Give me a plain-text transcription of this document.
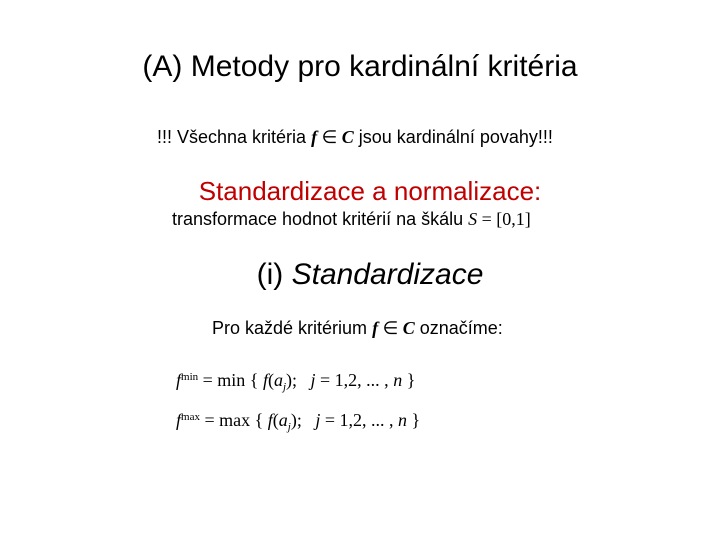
(A) Metody pro kardinální kritéria
!!! Všechna kritéria f ∈ C jsou kardinální povahy!!!
Standardizace a normalizace:
transformace hodnot kritérií na škálu S = [0,1]
(i) Standardizace
Pro každé kritérium f ∈ C označíme:
$f^{min} = \min$ { $f(a_j)$;   j = 1,2, ... , n }
$f^{max} = \max$ { $f(a_j)$;   j = 1,2, ... , n }
